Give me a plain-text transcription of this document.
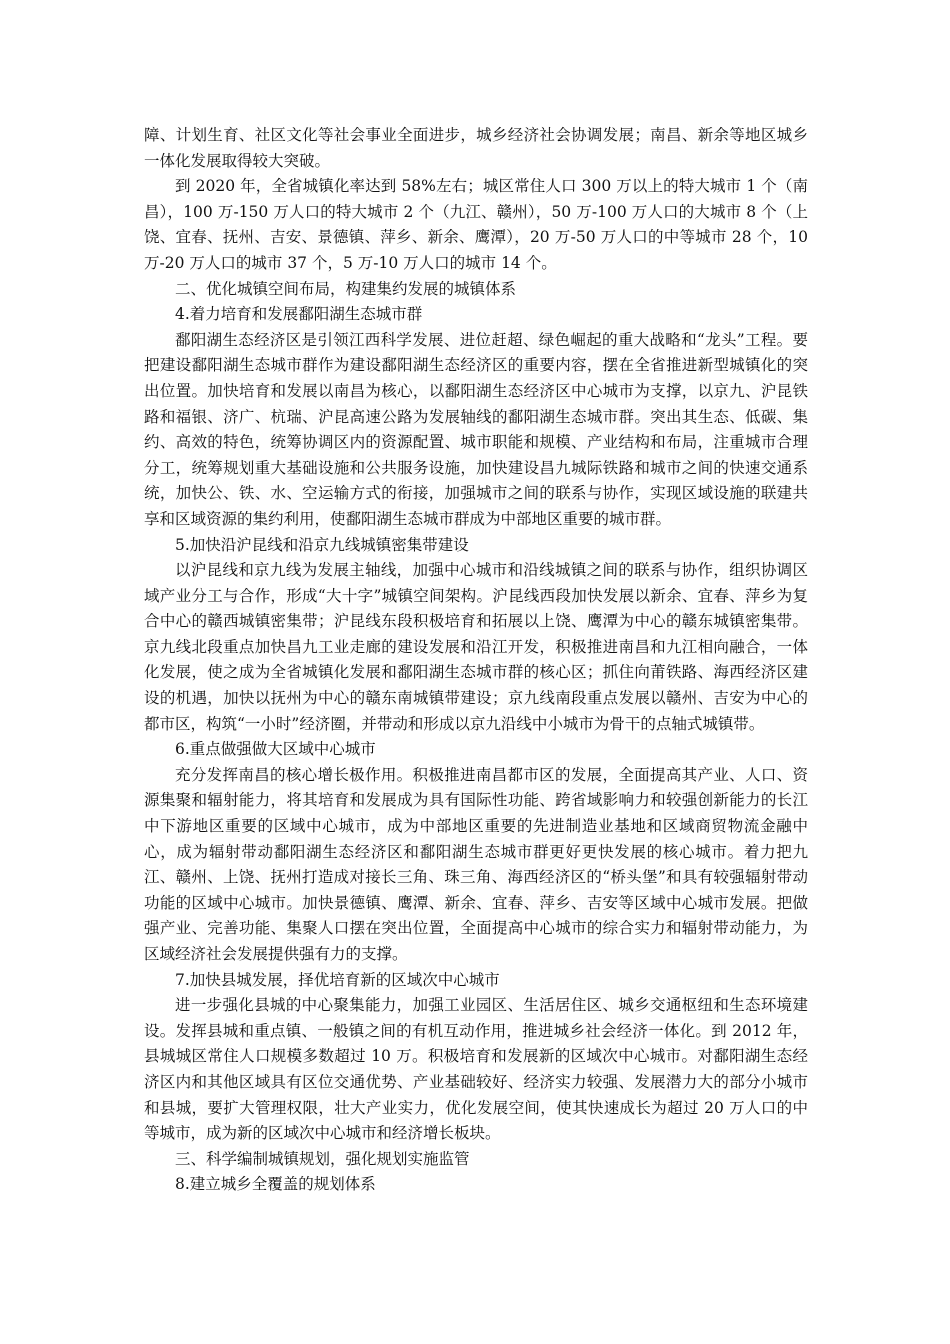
障、计划生育、社区文化等社会事业全面进步，城乡经济社会协调发展；南昌、新余等地区城乡一体化发展取得较大突破。

到 2020 年，全省城镇化率达到 58%左右；城区常住人口 300 万以上的特大城市 1 个（南昌），100 万-150 万人口的特大城市 2 个（九江、赣州），50 万-100 万人口的大城市 8 个（上饶、宜春、抚州、吉安、景德镇、萍乡、新余、鹰潭），20 万-50 万人口的中等城市 28 个，10 万-20 万人口的城市 37 个，5 万-10 万人口的城市 14 个。

二、优化城镇空间布局，构建集约发展的城镇体系

4.着力培育和发展鄱阳湖生态城市群

鄱阳湖生态经济区是引领江西科学发展、进位赶超、绿色崛起的重大战略和“龙头”工程。要把建设鄱阳湖生态城市群作为建设鄱阳湖生态经济区的重要内容，摆在全省推进新型城镇化的突出位置。加快培育和发展以南昌为核心，以鄱阳湖生态经济区中心城市为支撑，以京九、沪昆铁路和福银、济广、杭瑞、沪昆高速公路为发展轴线的鄱阳湖生态城市群。突出其生态、低碳、集约、高效的特色，统筹协调区内的资源配置、城市职能和规模、产业结构和布局，注重城市合理分工，统筹规划重大基础设施和公共服务设施，加快建设昌九城际铁路和城市之间的快速交通系统，加快公、铁、水、空运输方式的衔接，加强城市之间的联系与协作，实现区域设施的联建共享和区域资源的集约利用，使鄱阳湖生态城市群成为中部地区重要的城市群。

5.加快沿沪昆线和沿京九线城镇密集带建设

以沪昆线和京九线为发展主轴线，加强中心城市和沿线城镇之间的联系与协作，组织协调区域产业分工与合作，形成“大十字”城镇空间架构。沪昆线西段加快发展以新余、宜春、萍乡为复合中心的赣西城镇密集带；沪昆线东段积极培育和拓展以上饶、鹰潭为中心的赣东城镇密集带。京九线北段重点加快昌九工业走廊的建设发展和沿江开发，积极推进南昌和九江相向融合，一体化发展，使之成为全省城镇化发展和鄱阳湖生态城市群的核心区；抓住向莆铁路、海西经济区建设的机遇，加快以抚州为中心的赣东南城镇带建设；京九线南段重点发展以赣州、吉安为中心的都市区，构筑“一小时”经济圈，并带动和形成以京九沿线中小城市为骨干的点轴式城镇带。

6.重点做强做大区域中心城市

充分发挥南昌的核心增长极作用。积极推进南昌都市区的发展，全面提高其产业、人口、资源集聚和辐射能力，将其培育和发展成为具有国际性功能、跨省域影响力和较强创新能力的长江中下游地区重要的区域中心城市，成为中部地区重要的先进制造业基地和区域商贸物流金融中心，成为辐射带动鄱阳湖生态经济区和鄱阳湖生态城市群更好更快发展的核心城市。着力把九江、赣州、上饶、抚州打造成对接长三角、珠三角、海西经济区的“桥头堡”和具有较强辐射带动功能的区域中心城市。加快景德镇、鹰潭、新余、宜春、萍乡、吉安等区域中心城市发展。把做强产业、完善功能、集聚人口摆在突出位置，全面提高中心城市的综合实力和辐射带动能力，为区域经济社会发展提供强有力的支撑。

7.加快县城发展，择优培育新的区域次中心城市

进一步强化县城的中心聚集能力，加强工业园区、生活居住区、城乡交通枢纽和生态环境建设。发挥县城和重点镇、一般镇之间的有机互动作用，推进城乡社会经济一体化。到 2012 年，县城城区常住人口规模多数超过 10 万。积极培育和发展新的区域次中心城市。对鄱阳湖生态经济区内和其他区域具有区位交通优势、产业基础较好、经济实力较强、发展潜力大的部分小城市和县城，要扩大管理权限，壮大产业实力，优化发展空间，使其快速成长为超过 20 万人口的中等城市，成为新的区域次中心城市和经济增长板块。

三、科学编制城镇规划，强化规划实施监管

8.建立城乡全覆盖的规划体系
